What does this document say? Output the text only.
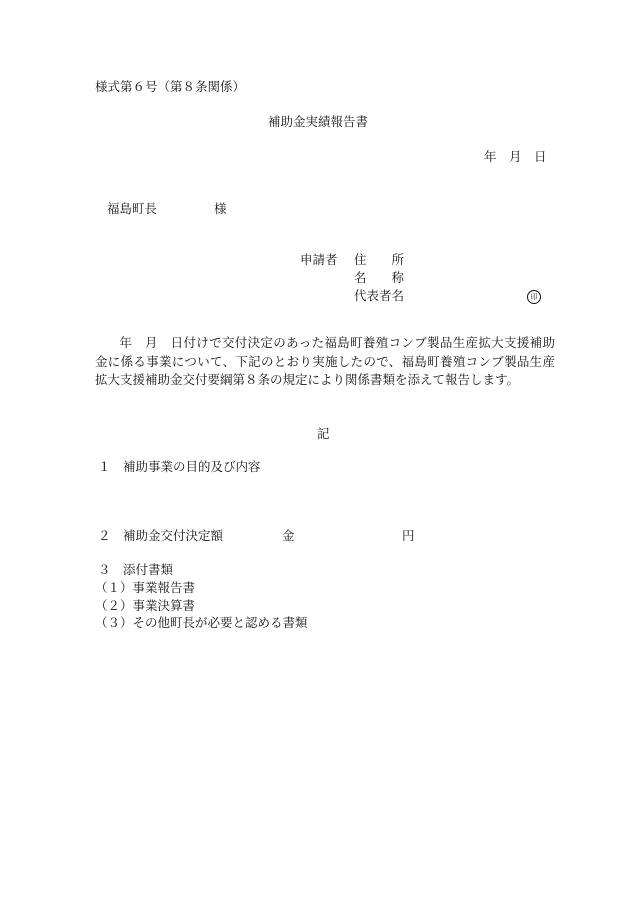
様式第６号（第８条関係）
補助金実績報告書
年　月　日
福島町長	様
申請者 住　　所
名　　称
代表者名	印
年　月　日付けで交付決定のあった福島町養殖コンブ製品生産拡大支援補助金に係る事業について、下記のとおり実施したので、福島町養殖コンブ製品生産拡大支援補助金交付要綱第８条の規定により関係書類を添えて報告します。
記
１ 補助事業の目的及び内容
２ 補助金交付決定額	金	円
３ 添付書類
（１）事業報告書
（２）事業決算書
（３）その他町長が必要と認める書類
